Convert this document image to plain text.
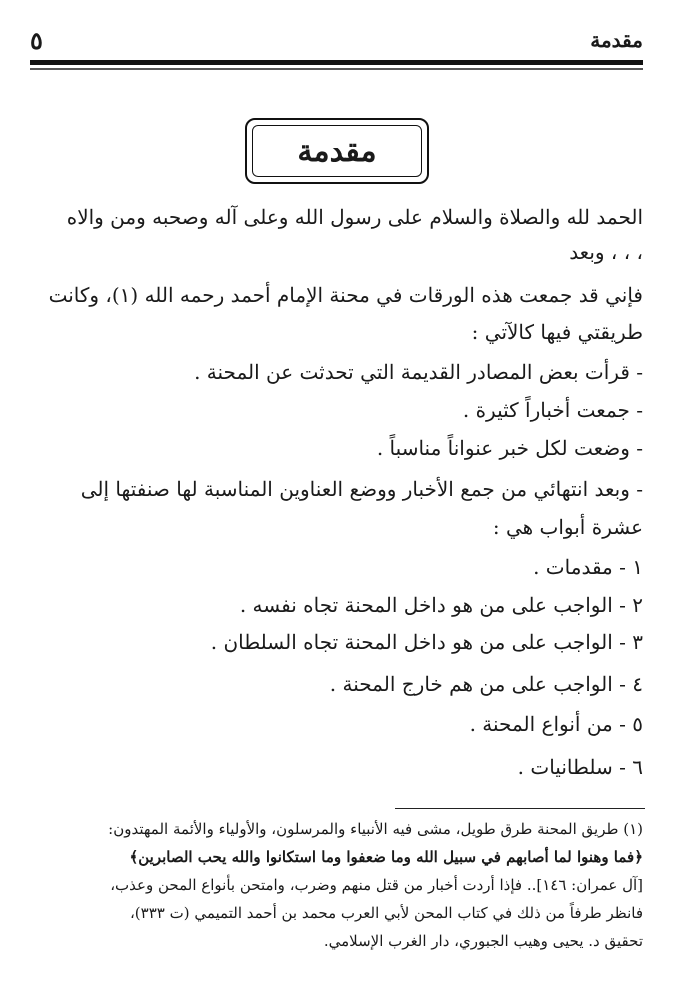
مقدمة
٥
مقدمة
الحمد لله والصلاة والسلام على رسول الله وعلى آله وصحبه ومن والاه
، ، ، وبعد
فإني قد جمعت هذه الورقات في محنة الإمام أحمد رحمه الله (١)، وكانت
طريقتي فيها كالآتي :
- قرأت بعض المصادر القديمة التي تحدثت عن المحنة .
- جمعت أخباراً كثيرة .
- وضعت لكل خبر عنواناً مناسباً .
- وبعد انتهائي من جمع الأخبار ووضع العناوين المناسبة لها صنفتها إلى
عشرة أبواب هي :
١ - مقدمات .
٢ - الواجب على من هو داخل المحنة تجاه نفسه .
٣ - الواجب على من هو داخل المحنة تجاه السلطان .
٤ - الواجب على من هم خارج المحنة .
٥ - من أنواع المحنة .
٦ - سلطانيات .
(١) طريق المحنة طرق طويل، مشى فيه الأنبياء والمرسلون، والأولياء والأئمة المهتدون:
﴿فما وهنوا لما أصابهم في سبيل الله وما ضعفوا وما استكانوا والله يحب الصابرين﴾
[آل عمران: ١٤٦].. فإذا أردت أخبار من قتل منهم وضرب، وامتحن بأنواع المحن وعذب،
فانظر طرفاً من ذلك في كتاب المحن لأبي العرب محمد بن أحمد التميمي (ت ٣٣٣)،
تحقيق د. يحيى وهيب الجبوري، دار الغرب الإسلامي.
